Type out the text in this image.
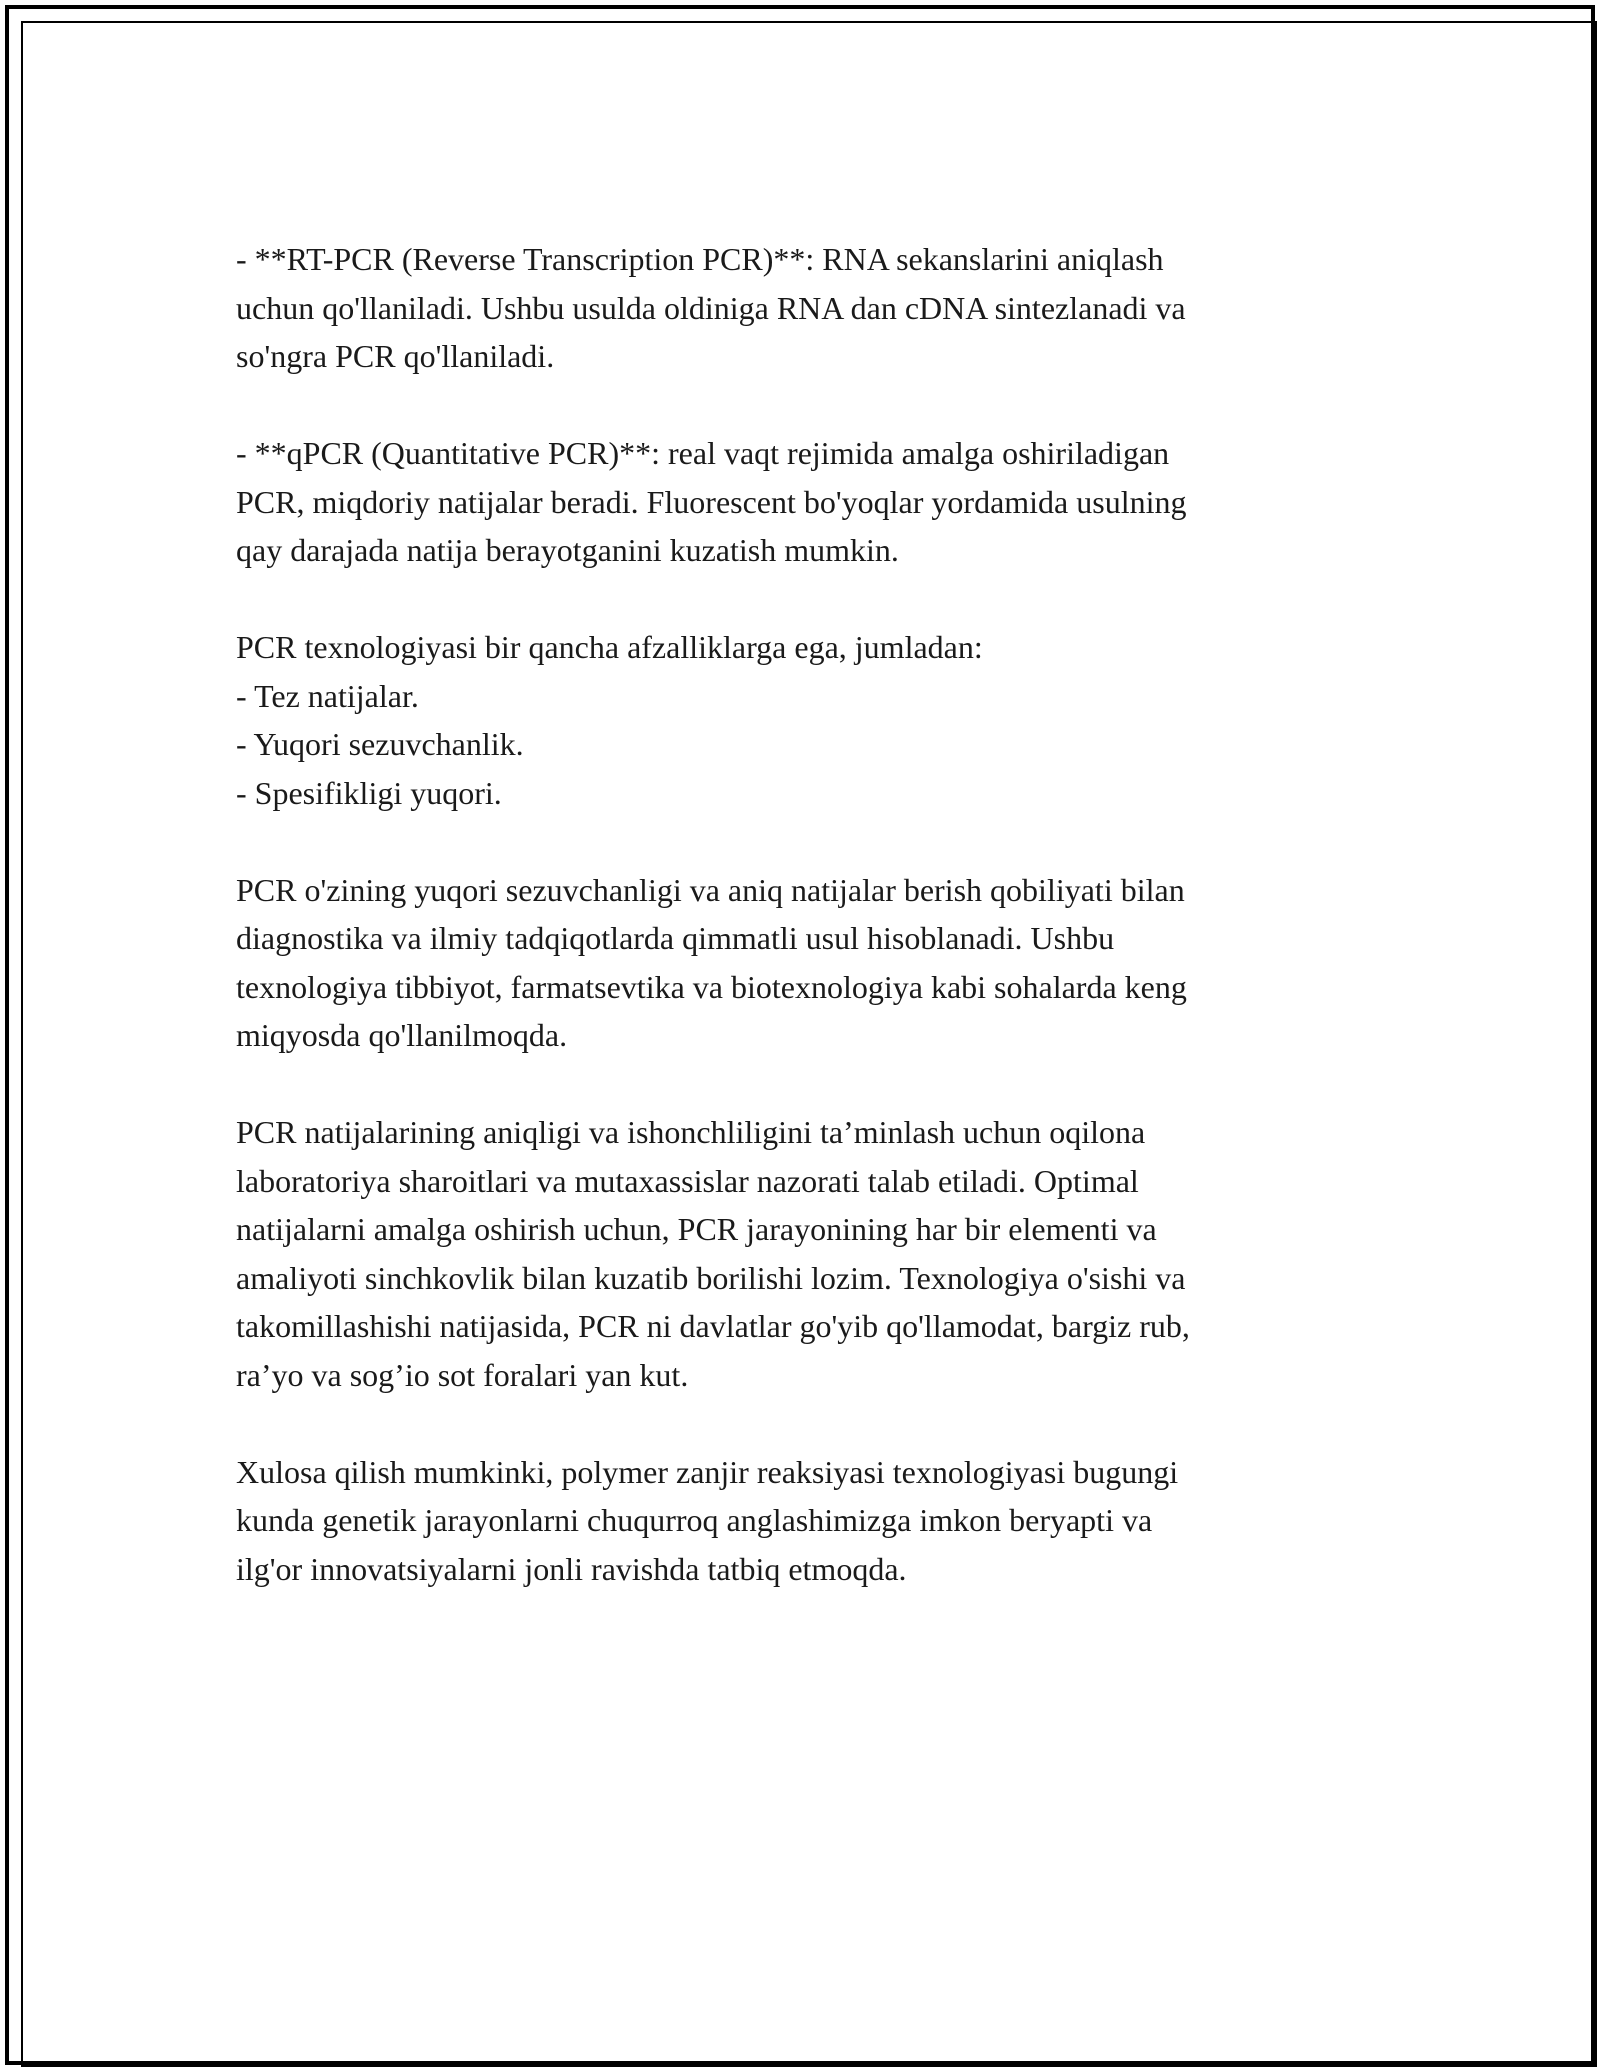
- **RT-PCR (Reverse Transcription PCR)**: RNA sekanslarini aniqlash
uchun qo'llaniladi. Ushbu usulda oldiniga RNA dan cDNA sintezlanadi va
so'ngra PCR qo'llaniladi.

- **qPCR (Quantitative PCR)**: real vaqt rejimida amalga oshiriladigan
PCR, miqdoriy natijalar beradi. Fluorescent bo'yoqlar yordamida usulning
qay darajada natija berayotganini kuzatish mumkin.

PCR texnologiyasi bir qancha afzalliklarga ega, jumladan:
- Tez natijalar.
- Yuqori sezuvchanlik.
- Spesifikligi yuqori.

PCR o'zining yuqori sezuvchanligi va aniq natijalar berish qobiliyati bilan
diagnostika va ilmiy tadqiqotlarda qimmatli usul hisoblanadi. Ushbu
texnologiya tibbiyot, farmatsevtika va biotexnologiya kabi sohalarda keng
miqyosda qo'llanilmoqda.

PCR natijalarining aniqligi va ishonchliligini ta’minlash uchun oqilona
laboratoriya sharoitlari va mutaxassislar nazorati talab etiladi. Optimal
natijalarni amalga oshirish uchun, PCR jarayonining har bir elementi va
amaliyoti sinchkovlik bilan kuzatib borilishi lozim. Texnologiya o'sishi va
takomillashishi natijasida, PCR ni davlatlar go'yib qo'llamodat, bargiz rub,
ra’yo va sog’io sot foralari yan kut.

Xulosa qilish mumkinki, polymer zanjir reaksiyasi texnologiyasi bugungi
kunda genetik jarayonlarni chuqurroq anglashimizga imkon beryapti va
ilg'or innovatsiyalarni jonli ravishda tatbiq etmoqda.
